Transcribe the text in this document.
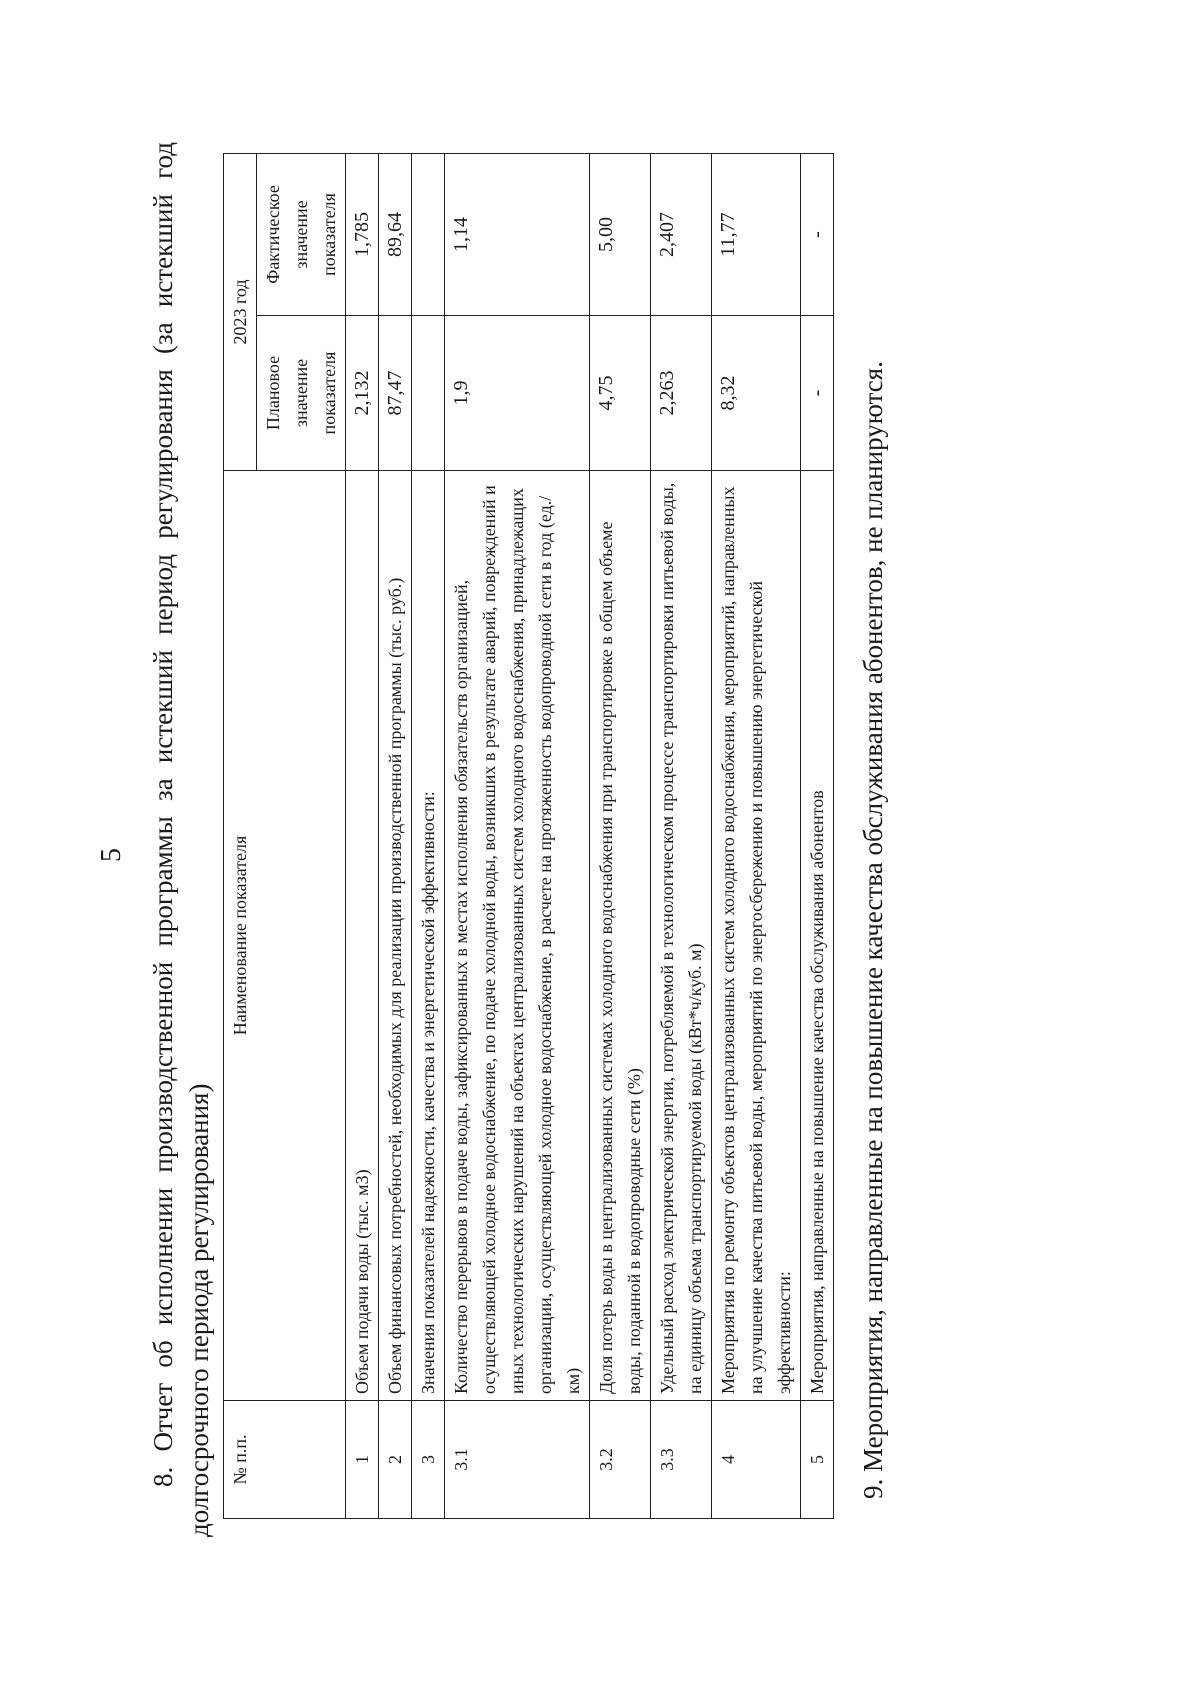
5

8. Отчет об исполнении производственной программы за истекший период регулирования (за истекший год долгосрочного периода регулирования) № п.п.	Наименование показателя	2023 год	
		Плановое значение показателя	Фактическое значение показателя
1	Объем подачи воды (тыс. м3)	2,132	1,785
2	Объем финансовых потребностей, необходимых для реализации производственной программы (тыс. руб.)	87,47	89,64
3	Значения показателей надежности, качества и энергетической эффективности:		
3.1	Количество перерывов в подаче воды, зафиксированных в местах исполнения обязательств организацией, осуществляющей холодное водоснабжение, по подаче холодной воды, возникших в результате аварий, повреждений и иных технологических нарушений на объектах централизованных систем холодного водоснабжения, принадлежащих организации, осуществляющей холодное водоснабжение, в расчете на протяженность водопроводной сети в год (ед./км)	1,9	1,14
3.2	Доля потерь воды в централизованных системах холодного водоснабжения при транспортировке в общем объеме воды, поданной в водопроводные сети (%)	4,75	5,00
3.3	Удельный расход электрической энергии, потребляемой в технологическом процессе транспортировки питьевой воды, на единицу объема транспортируемой воды (кВт*ч/куб. м)	2,263	2,407
4	Мероприятия по ремонту объектов централизованных систем холодного водоснабжения, мероприятий, направленных на улучшение качества питьевой воды, мероприятий по энергосбережению и повышению энергетической эффективности:	8,32	11,77
5	Мероприятия, направленные на повышение качества обслуживания абонентов	-	-

9. Мероприятия, направленные на повышение качества обслуживания абонентов, не планируются.
